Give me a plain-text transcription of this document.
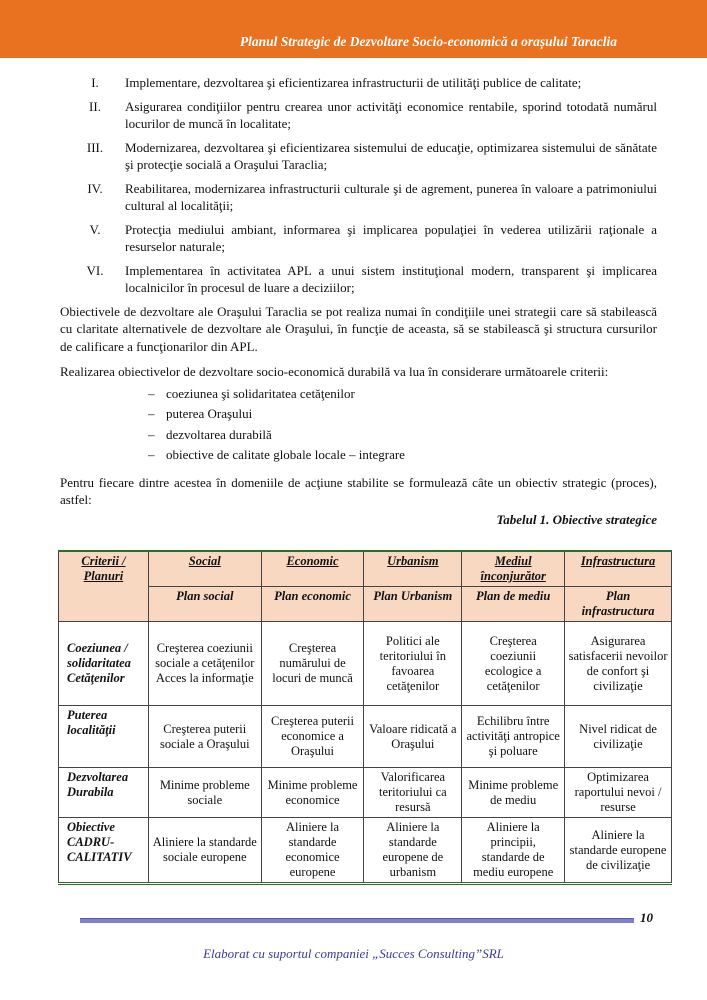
Planul Strategic de Dezvoltare Socio-economică a orașului Taraclia
I.	Implementare, dezvoltarea şi eficientizarea infrastructurii de utilităţi publice de calitate;
II.	Asigurarea condiţiilor pentru crearea unor activităţi economice rentabile, sporind totodată numărul locurilor de muncă în localitate;
III.	Modernizarea, dezvoltarea şi eficientizarea sistemului de educaţie, optimizarea sistemului de sănătate şi protecţie socială a Oraşului Taraclia;
IV.	Reabilitarea, modernizarea infrastructurii culturale şi de agrement, punerea în valoare a patrimoniului cultural al localităţii;
V.	Protecţia mediului ambiant, informarea şi implicarea populaţiei în vederea utilizării raţionale a resurselor naturale;
VI.	Implementarea în activitatea APL a unui sistem instituţional modern, transparent şi implicarea localnicilor în procesul de luare a deciziilor;

Obiectivele de dezvoltare ale Oraşului Taraclia se pot realiza numai în condiţiile unei strategii care să stabilească cu claritate alternativele de dezvoltare ale Oraşului, în funcţie de aceasta, să se stabilească şi structura cursurilor de calificare a funcţionarilor din APL.

Realizarea obiectivelor de dezvoltare socio-economică durabilă va lua în considerare următoarele criterii:

– coeziunea şi solidaritatea cetăţenilor
– puterea Oraşului
– dezvoltarea durabilă
– obiective de calitate globale locale – integrare

Pentru fiecare dintre acestea în domeniile de acţiune stabilite se formulează câte un obiectiv strategic (proces), astfel:

Tabelul 1. Obiective strategice
Criterii / Planuri	Social	Economic	Urbanism	Mediul înconjurător	Infrastructura
	Plan social	Plan economic	Plan Urbanism	Plan de mediu	Plan infrastructura
Coeziunea / solidaritatea Cetăţenilor	Creşterea coeziunii sociale a cetăţenilor Acces la informaţie	Creşterea numărului de locuri de muncă	Politici ale teritoriului în favoarea cetăţenilor	Creşterea coeziunii ecologice a cetăţenilor	Asigurarea satisfacerii nevoilor de confort şi civilizaţie
Puterea localităţii	Creşterea puterii sociale a Oraşului	Creşterea puterii economice a Oraşului	Valoare ridicată a Oraşului	Echilibru între activităţi antropice şi poluare	Nivel ridicat de civilizaţie
Dezvoltarea Durabila	Minime probleme sociale	Minime probleme economice	Valorificarea teritoriului ca resursă	Minime probleme de mediu	Optimizarea raportului nevoi / resurse
Obiective CADRU-CALITATIV	Aliniere la standarde sociale europene	Aliniere la standarde economice europene	Aliniere la standarde europene de urbanism	Aliniere la principii, standarde de mediu europene	Aliniere la standarde europene de civilizaţie
10
Elaborat cu suportul companiei „Succes Consulting”SRL
